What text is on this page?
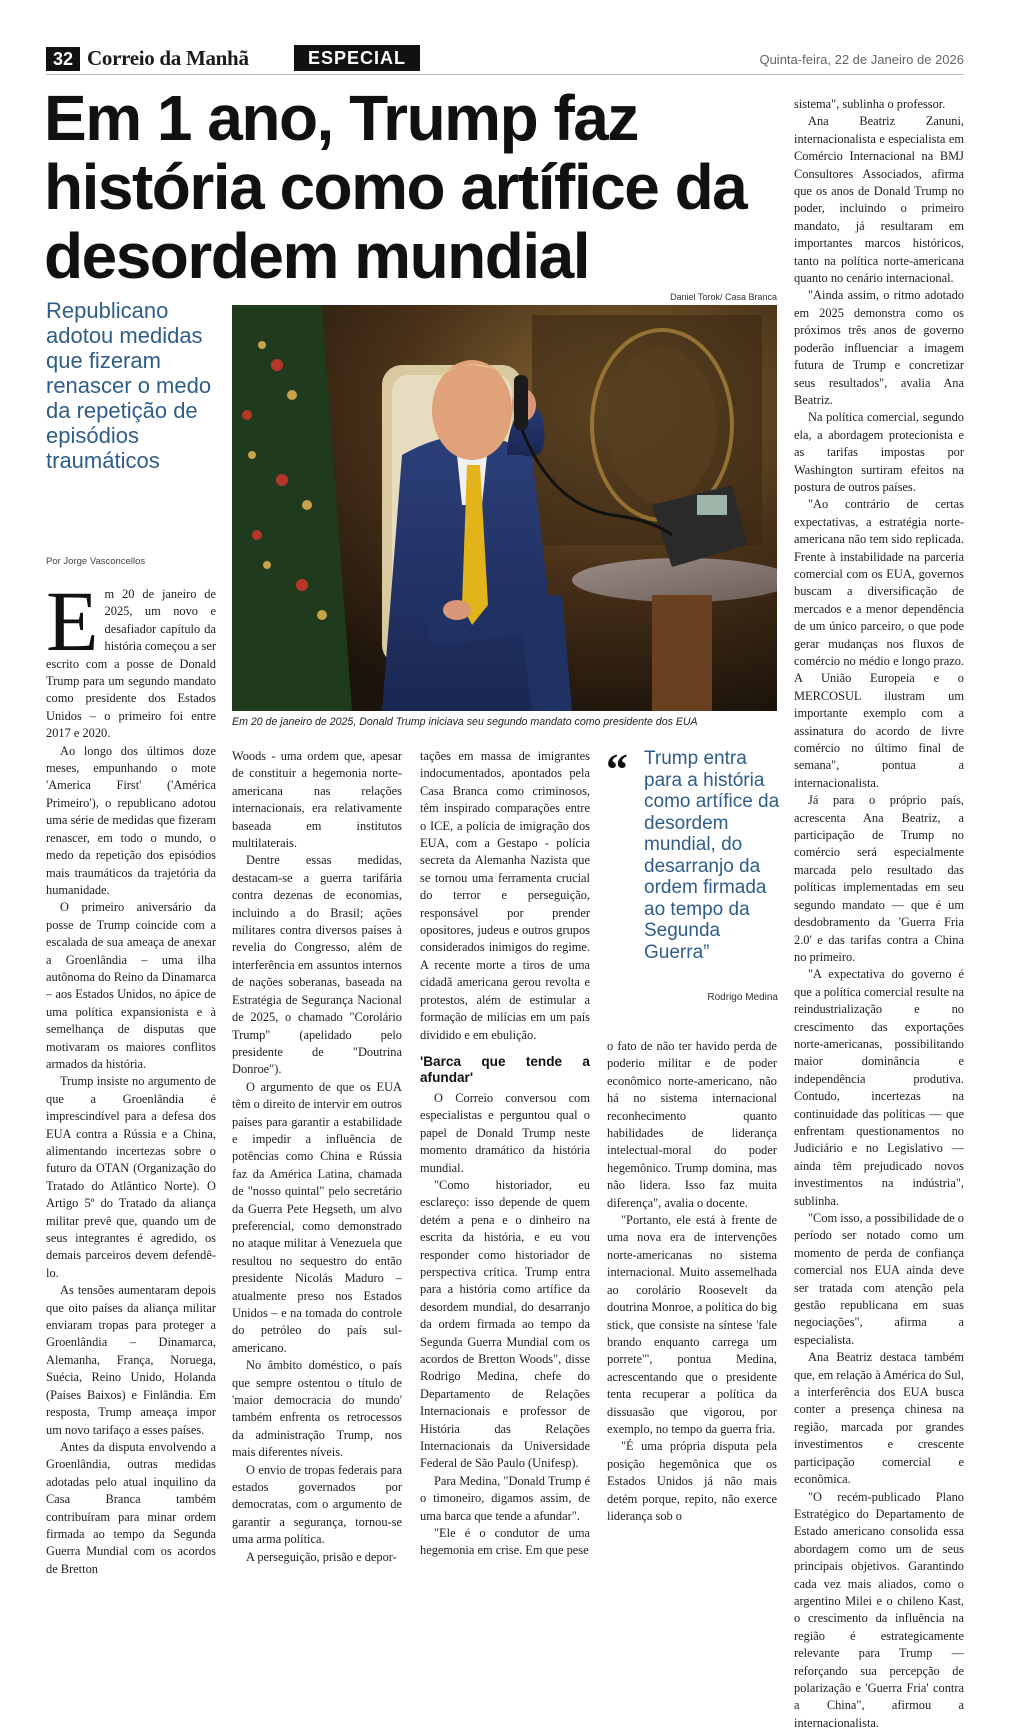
32 Correio da Manhã	ESPECIAL	Quinta-feira, 22 de Janeiro de 2026
Em 1 ano, Trump faz história como artífice da desordem mundial

Republicano adotou medidas que fizeram renascer o medo da repetição de episódios traumáticos

Por Jorge Vasconcellos
Daniel Torok/ Casa Branca
Em 20 de janeiro de 2025, Donald Trump iniciava seu segundo mandato como presidente dos EUA
E m 20 de janeiro de 2025, um novo e desafiador capítulo da história começou a ser escrito com a posse de Donald Trump para um segundo mandato como presidente dos Estados Unidos – o primeiro foi entre 2017 e 2020.

Ao longo dos últimos doze meses, empunhando o mote 'America First' ('América Primeiro'), o republicano adotou uma série de medidas que fizeram renascer, em todo o mundo, o medo da repetição dos episódios mais traumáticos da trajetória da humanidade.

O primeiro aniversário da posse de Trump coincide com a escalada de sua ameaça de anexar a Groenlândia – uma ilha autônoma do Reino da Dinamarca – aos Estados Unidos, no ápice de uma política expansionista e à semelhança de disputas que motivaram os maiores conflitos armados da história.

Trump insiste no argumento de que a Groenlândia é imprescindível para a defesa dos EUA contra a Rússia e a China, alimentando incertezas sobre o futuro da OTAN (Organização do Tratado do Atlântico Norte). O Artigo 5º do Tratado da aliança militar prevê que, quando um de seus integrantes é agredido, os demais parceiros devem defendê-lo.

As tensões aumentaram depois que oito países da aliança militar enviaram tropas para proteger a Groenlândia – Dinamarca, Alemanha, França, Noruega, Suécia, Reino Unido, Holanda (Países Baixos) e Finlândia. Em resposta, Trump ameaça impor um novo tarifaço a esses países.

Antes da disputa envolvendo a Groenlândia, outras medidas adotadas pelo atual inquilino da Casa Branca também contribuíram para minar ordem firmada ao tempo da Segunda Guerra Mundial com os acordos de Bretton

Woods - uma ordem que, apesar de constituir a hegemonia norte-americana nas relações internacionais, era relativamente baseada em institutos multilaterais.

Dentre essas medidas, destacam-se a guerra tarifária contra dezenas de economias, incluindo a do Brasil; ações militares contra diversos países à revelia do Congresso, além de interferência em assuntos internos de nações soberanas, baseada na Estratégia de Segurança Nacional de 2025, o chamado "Corolário Trump" (apelidado pelo presidente de "Doutrina Donroe").

O argumento de que os EUA têm o direito de intervir em outros países para garantir a estabilidade e impedir a influência de potências como China e Rússia faz da América Latina, chamada de "nosso quintal" pelo secretário da Guerra Pete Hegseth, um alvo preferencial, como demonstrado no ataque militar à Venezuela que resultou no sequestro do então presidente Nicolás Maduro – atualmente preso nos Estados Unidos – e na tomada do controle do petróleo do país sul-americano.

No âmbito doméstico, o país que sempre ostentou o título de 'maior democracia do mundo' também enfrenta os retrocessos da administração Trump, nos mais diferentes níveis.

O envio de tropas federais para estados governados por democratas, com o argumento de garantir a segurança, tornou-se uma arma política.

A perseguição, prisão e depor-

tações em massa de imigrantes indocumentados, apontados pela Casa Branca como criminosos, têm inspirado comparações entre o ICE, a polícia de imigração dos EUA, com a Gestapo - polícia secreta da Alemanha Nazista que se tornou uma ferramenta crucial do terror e perseguição, responsável por prender opositores, judeus e outros grupos considerados inimigos do regime. A recente morte a tiros de uma cidadã americana gerou revolta e protestos, além de estimular a formação de milícias em um país dividido e em ebulição.

'Barca que tende a afundar'

O Correio conversou com especialistas e perguntou qual o papel de Donald Trump neste momento dramático da história mundial.

"Como historiador, eu esclareço: isso depende de quem detém a pena e o dinheiro na escrita da história, e eu vou responder como historiador de perspectiva crítica. Trump entra para a história como artífice da desordem mundial, do desarranjo da ordem firmada ao tempo da Segunda Guerra Mundial com os acordos de Bretton Woods", disse Rodrigo Medina, chefe do Departamento de Relações Internacionais e professor de História das Relações Internacionais da Universidade Federal de São Paulo (Unifesp).

Para Medina, "Donald Trump é o timoneiro, digamos assim, de uma barca que tende a afundar".

"Ele é o condutor de uma hegemonia em crise. Em que pese

“ Trump entra para a história como artífice da desordem mundial, do desarranjo da ordem firmada ao tempo da Segunda Guerra”

Rodrigo Medina

o fato de não ter havido perda de poderio militar e de poder econômico norte-americano, não há no sistema internacional reconhecimento quanto habilidades de liderança intelectual-moral do poder hegemônico. Trump domina, mas não lidera. Isso faz muita diferença", avalia o docente.

"Portanto, ele está à frente de uma nova era de intervenções norte-americanas no sistema internacional. Muito assemelhada ao corolário Roosevelt da doutrina Monroe, a política do big stick, que consiste na síntese 'fale brando enquanto carrega um porrete'", pontua Medina, acrescentando que o presidente tenta recuperar a política da dissuasão que vigorou, por exemplo, no tempo da guerra fria.

"É uma própria disputa pela posição hegemônica que os Estados Unidos já não mais detém porque, repito, não exerce liderança sob o

sistema", sublinha o professor.

Ana Beatriz Zanuni, internacionalista e especialista em Comércio Internacional na BMJ Consultores Associados, afirma que os anos de Donald Trump no poder, incluindo o primeiro mandato, já resultaram em importantes marcos históricos, tanto na política norte-americana quanto no cenário internacional.

"Ainda assim, o ritmo adotado em 2025 demonstra como os próximos três anos de governo poderão influenciar a imagem futura de Trump e concretizar seus resultados", avalia Ana Beatriz.

Na política comercial, segundo ela, a abordagem protecionista e as tarifas impostas por Washington surtiram efeitos na postura de outros países.

"Ao contrário de certas expectativas, a estratégia norte-americana não tem sido replicada. Frente à instabilidade na parceria comercial com os EUA, governos buscam a diversificação de mercados e a menor dependência de um único parceiro, o que pode gerar mudanças nos fluxos de comércio no médio e longo prazo. A União Europeia e o MERCOSUL ilustram um importante exemplo com a assinatura do acordo de livre comércio no último final de semana", pontua a internacionalista.

Já para o próprio país, acrescenta Ana Beatriz, a participação de Trump no comércio será especialmente marcada pelo resultado das políticas implementadas em seu segundo mandato — que é um desdobramento da 'Guerra Fria 2.0' e das tarifas contra a China no primeiro.

"A expectativa do governo é que a política comercial resulte na reindustrialização e no crescimento das exportações norte-americanas, possibilitando maior dominância e independência produtiva. Contudo, incertezas na continuidade das políticas — que enfrentam questionamentos no Judiciário e no Legislativo — ainda têm prejudicado novos investimentos na indústria", sublinha.

"Com isso, a possibilidade de o período ser notado como um momento de perda de confiança comercial nos EUA ainda deve ser tratada com atenção pela gestão republicana em suas negociações", afirma a especialista.

Ana Beatriz destaca também que, em relação à América do Sul, a interferência dos EUA busca conter a presença chinesa na região, marcada por grandes investimentos e crescente participação comercial e econômica.

"O recém-publicado Plano Estratégico do Departamento de Estado americano consolida essa abordagem como um de seus principais objetivos. Garantindo cada vez mais aliados, como o argentino Milei e o chileno Kast, o crescimento da influência na região é estrategicamente relevante para Trump — reforçando sua percepção de polarização e 'Guerra Fria' contra a China", afirmou a internacionalista.
